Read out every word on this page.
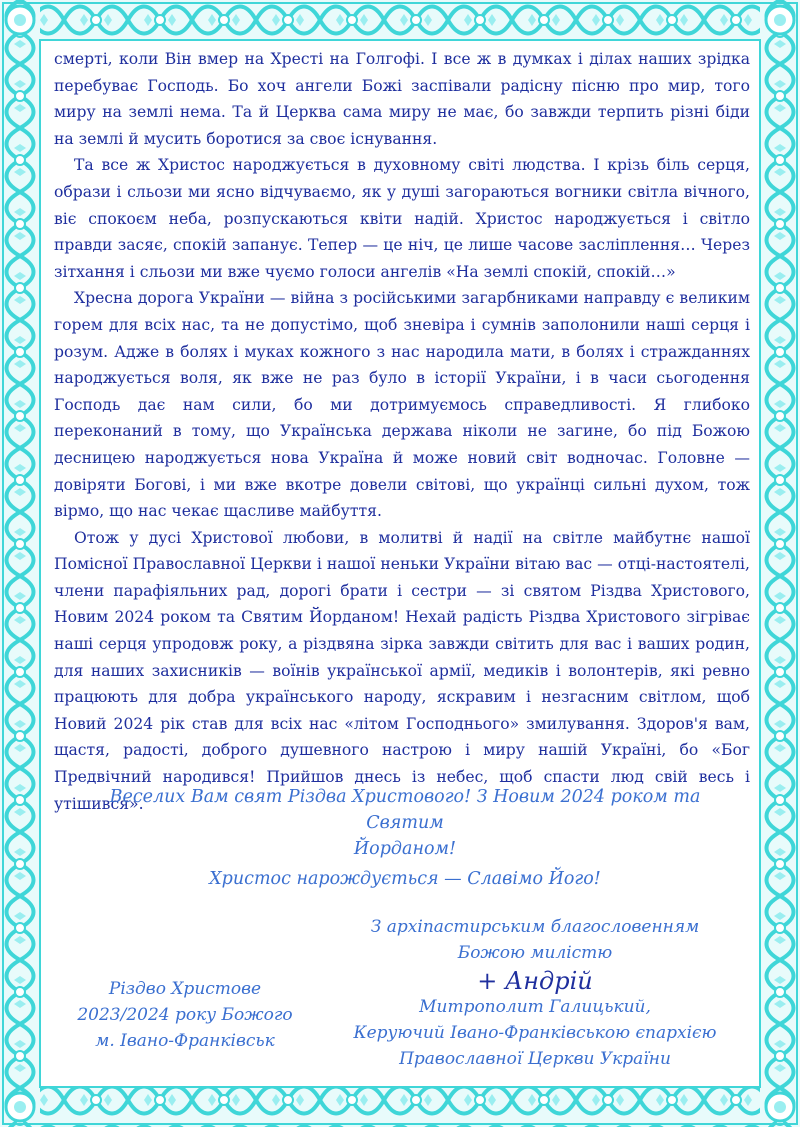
смерті, коли Він вмер на Хресті на Голгофі. І все ж в думках і ділах наших зрідка перебуває Господь. Бо хоч ангели Божі заспівали радісну пісню про мир, того миру на землі нема. Та й Церква сама миру не має, бо завжди терпить різні біди на землі й мусить боротися за своє існування.

Та все ж Христос народжується в духовному світі людства. І крізь біль серця, образи і сльози ми ясно відчуваємо, як у душі загораються вогники світла вічного, віє спокоєм неба, розпускаються квіти надій. Христос народжується і світло правди засяє, спокій запанує. Тепер — це ніч, це лише часове засліплення… Через зітхання і сльози ми вже чуємо голоси ангелів «На землі спокій, спокій…»

Хресна дорога України — війна з російськими загарбниками направду є великим горем для всіх нас, та не допустімо, щоб зневіра і сумнів заполонили наші серця і розум. Адже в болях і муках кожного з нас народила мати, в болях і стражданнях народжується воля, як вже не раз було в історії України, і в часи сьогодення Господь дає нам сили, бо ми дотримуємось справедливості. Я глибоко переконаний в тому, що Українська держава ніколи не загине, бо під Божою десницею народжується нова Україна й може новий світ водночас. Головне — довіряти Богові, і ми вже вкотре довели світові, що українці сильні духом, тож вірмо, що нас чекає щасливе майбуття.

Отож у дусі Христової любови, в молитві й надії на світле майбутнє нашої Помісної Православної Церкви і нашої неньки України вітаю вас — отці-настоятелі, члени парафіяльних рад, дорогі брати і сестри — зі святом Різдва Христового, Новим 2024 роком та Святим Йорданом! Нехай радість Різдва Христового зігріває наші серця упродовж року, а різдвяна зірка завжди світить для вас і ваших родин, для наших захисників — воїнів української армії, медиків і волонтерів, які ревно працюють для добра українського народу, яскравим і незгасним світлом, щоб Новий 2024 рік став для всіх нас «літом Господнього» змилування. Здоров'я вам, щастя, радості, доброго душевного настрою і миру нашій Україні, бо «Бог Предвічний народився! Прийшов днесь із небес, щоб спасти люд свій весь і утішився».

Веселих Вам свят Різдва Христового! З Новим 2024 роком та Святим
Йорданом!
Христос нарождується — Славімо Його!
Різдво Христове
2023/2024 року Божого
м. Івано-Франківськ
З архіпастирським благословенням
Божою милістю
+ Андрій
Митрополит Галицький,
Керуючий Івано-Франківською єпархією
Православної Церкви України
